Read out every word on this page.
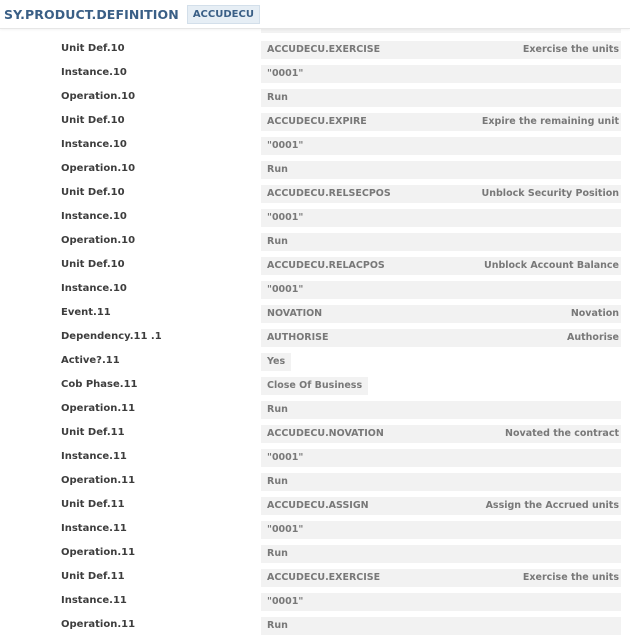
SY.PRODUCT.DEFINITION	ACCUDECU
Unit Def.10	ACCUDECU.EXERCISE	Exercise the units
Instance.10	"0001"
Operation.10	Run
Unit Def.10	ACCUDECU.EXPIRE	Expire the remaining unit
Instance.10	"0001"
Operation.10	Run
Unit Def.10	ACCUDECU.RELSECPOS	Unblock Security Position
Instance.10	"0001"
Operation.10	Run
Unit Def.10	ACCUDECU.RELACPOS	Unblock Account Balance
Instance.10	"0001"
Event.11	NOVATION	Novation
Dependency.11 .1	AUTHORISE	Authorise
Active?.11	Yes
Cob Phase.11	Close Of Business
Operation.11	Run
Unit Def.11	ACCUDECU.NOVATION	Novated the contract
Instance.11	"0001"
Operation.11	Run
Unit Def.11	ACCUDECU.ASSIGN	Assign the Accrued units
Instance.11	"0001"
Operation.11	Run
Unit Def.11	ACCUDECU.EXERCISE	Exercise the units
Instance.11	"0001"
Operation.11	Run
